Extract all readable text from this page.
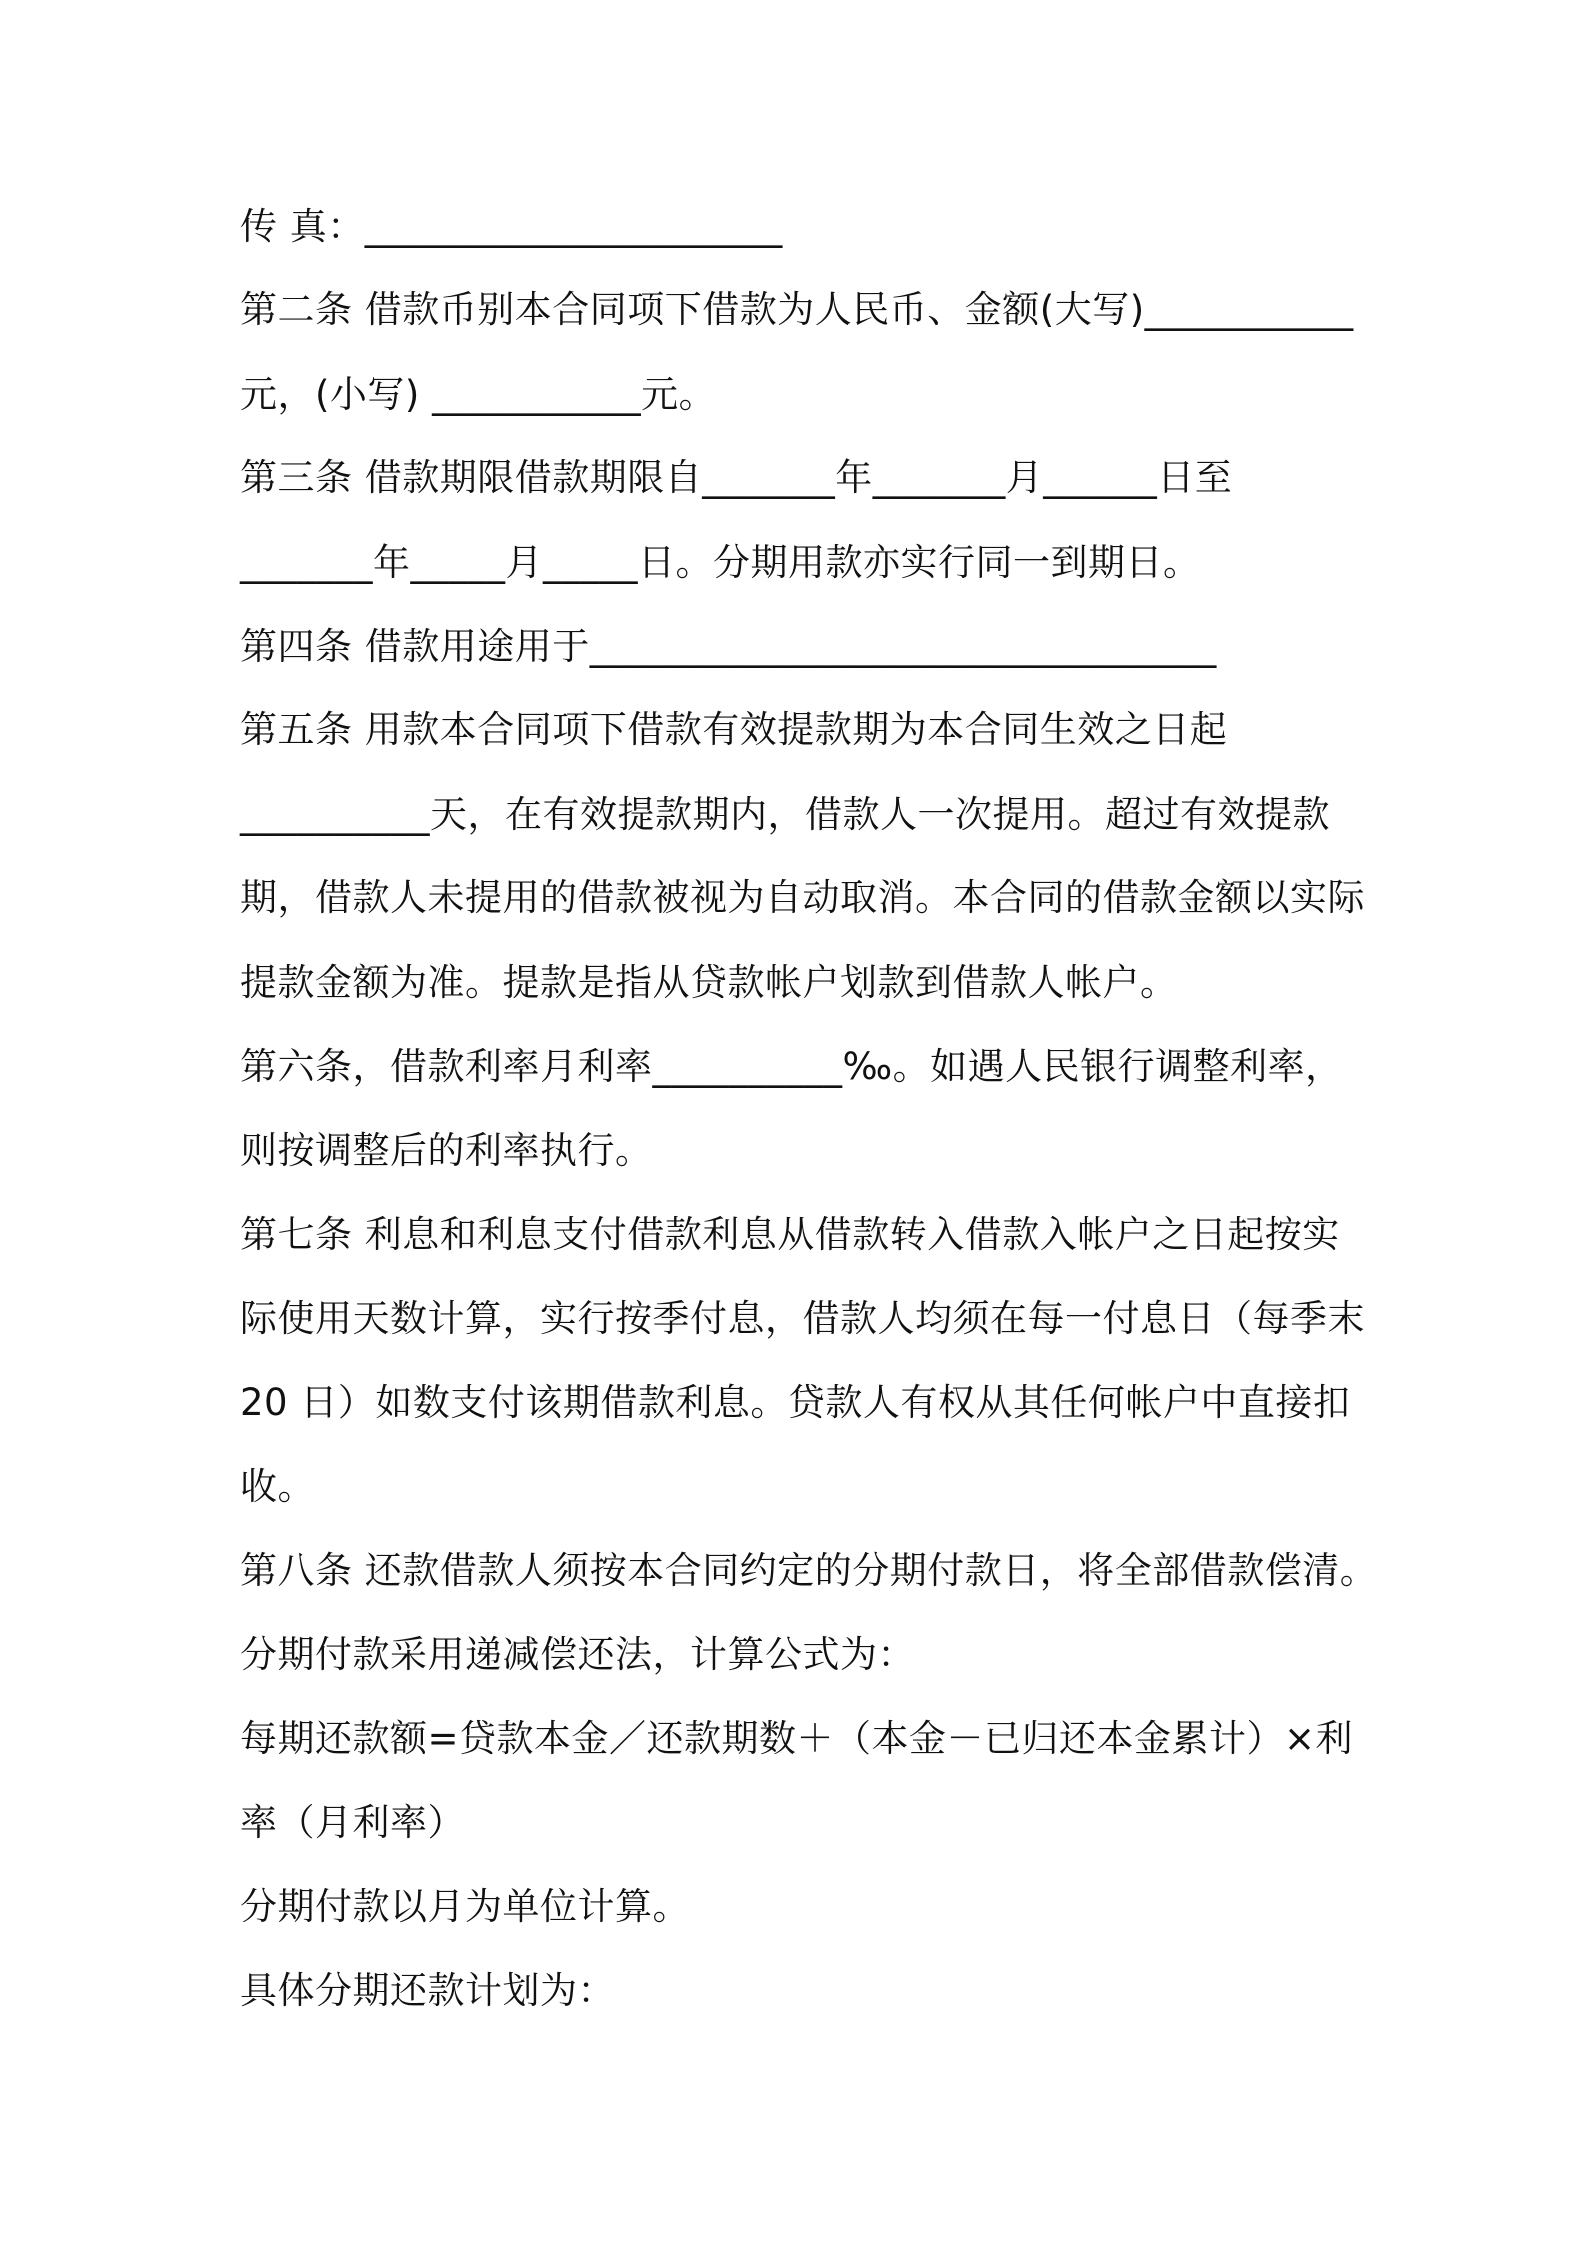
传 真：______________________
第二条 借款币别本合同项下借款为人民币、金额(大写)___________
元，(小写) ___________元。
第三条 借款期限借款期限自_______年_______月______日至
_______年_____月_____日。分期用款亦实行同一到期日。
第四条 借款用途用于_________________________________
第五条 用款本合同项下借款有效提款期为本合同生效之日起
__________天，在有效提款期内，借款人一次提用。超过有效提款
期，借款人未提用的借款被视为自动取消。本合同的借款金额以实际
提款金额为准。提款是指从贷款帐户划款到借款人帐户。
第六条，借款利率月利率__________‰。如遇人民银行调整利率，
则按调整后的利率执行。
第七条 利息和利息支付借款利息从借款转入借款入帐户之日起按实
际使用天数计算，实行按季付息，借款人均须在每一付息日（每季末
20 日）如数支付该期借款利息。贷款人有权从其任何帐户中直接扣
收。
第八条 还款借款人须按本合同约定的分期付款日，将全部借款偿清。
分期付款采用递减偿还法，计算公式为：
每期还款额=贷款本金／还款期数＋（本金－已归还本金累计）×利
率（月利率）
分期付款以月为单位计算。
具体分期还款计划为：
